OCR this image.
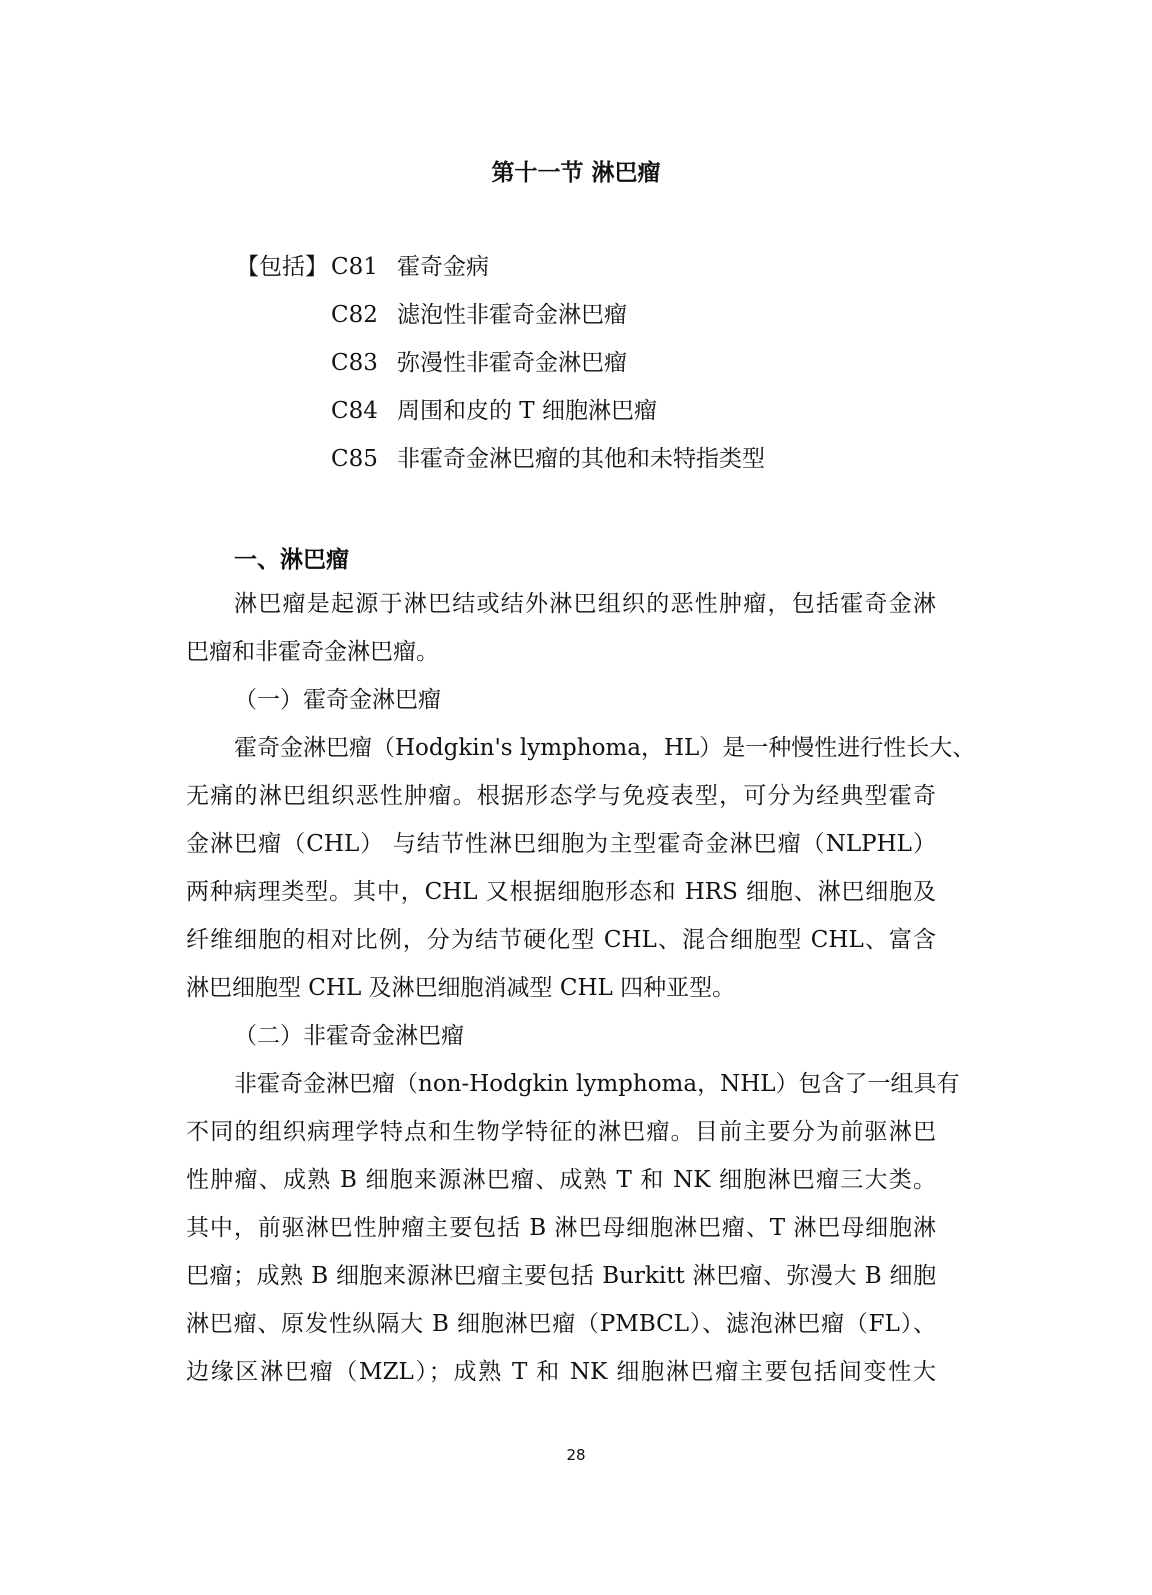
第十一节 淋巴瘤
【包括】 C81 霍奇金病
C82 滤泡性非霍奇金淋巴瘤
C83 弥漫性非霍奇金淋巴瘤
C84 周围和皮的 T 细胞淋巴瘤
C85 非霍奇金淋巴瘤的其他和未特指类型
一、淋巴瘤
淋巴瘤是起源于淋巴结或结外淋巴组织的恶性肿瘤，包括霍奇金淋
巴瘤和非霍奇金淋巴瘤。
（一）霍奇金淋巴瘤
霍奇金淋巴瘤（Hodgkin's lymphoma，HL）是一种慢性进行性长大、
无痛的淋巴组织恶性肿瘤。根据形态学与免疫表型，可分为经典型霍奇
金淋巴瘤（CHL） 与结节性淋巴细胞为主型霍奇金淋巴瘤（NLPHL）
两种病理类型。其中，CHL 又根据细胞形态和 HRS 细胞、淋巴细胞及
纤维细胞的相对比例，分为结节硬化型 CHL、混合细胞型 CHL、富含
淋巴细胞型 CHL 及淋巴细胞消减型 CHL 四种亚型。
（二）非霍奇金淋巴瘤
非霍奇金淋巴瘤（non-Hodgkin lymphoma，NHL）包含了一组具有
不同的组织病理学特点和生物学特征的淋巴瘤。目前主要分为前驱淋巴
性肿瘤、成熟 B 细胞来源淋巴瘤、成熟 T 和 NK 细胞淋巴瘤三大类。
其中，前驱淋巴性肿瘤主要包括 B 淋巴母细胞淋巴瘤、T 淋巴母细胞淋
巴瘤；成熟 B 细胞来源淋巴瘤主要包括 Burkitt 淋巴瘤、弥漫大 B 细胞
淋巴瘤、原发性纵隔大 B 细胞淋巴瘤（PMBCL）、滤泡淋巴瘤（FL）、
边缘区淋巴瘤（MZL）；成熟 T 和 NK 细胞淋巴瘤主要包括间变性大
28
